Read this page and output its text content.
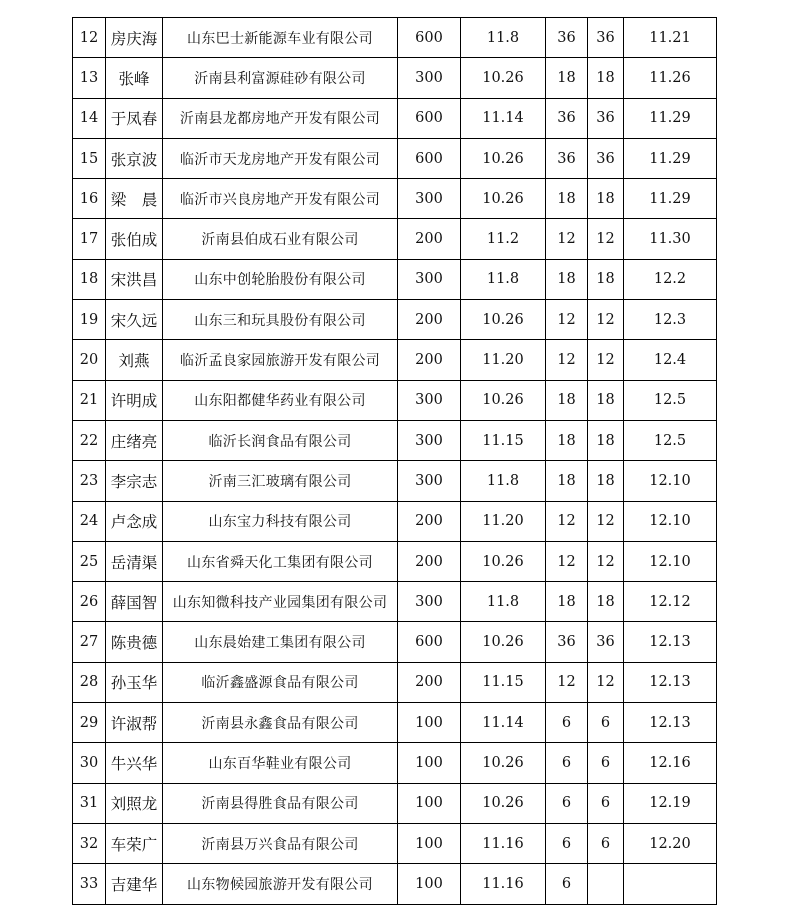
12	房庆海	山东巴士新能源车业有限公司	600	11.8	36	36	11.21
13	张峰	沂南县利富源硅砂有限公司	300	10.26	18	18	11.26
14	于凤春	沂南县龙都房地产开发有限公司	600	11.14	36	36	11.29
15	张京波	临沂市天龙房地产开发有限公司	600	10.26	36	36	11.29
16	梁　晨	临沂市兴良房地产开发有限公司	300	10.26	18	18	11.29
17	张伯成	沂南县伯成石业有限公司	200	11.2	12	12	11.30
18	宋洪昌	山东中创轮胎股份有限公司	300	11.8	18	18	12.2
19	宋久远	山东三和玩具股份有限公司	200	10.26	12	12	12.3
20	刘燕	临沂孟良家园旅游开发有限公司	200	11.20	12	12	12.4
21	许明成	山东阳都健华药业有限公司	300	10.26	18	18	12.5
22	庄绪亮	临沂长润食品有限公司	300	11.15	18	18	12.5
23	李宗志	沂南三汇玻璃有限公司	300	11.8	18	18	12.10
24	卢念成	山东宝力科技有限公司	200	11.20	12	12	12.10
25	岳清渠	山东省舜天化工集团有限公司	200	10.26	12	12	12.10
26	薛国智	山东知微科技产业园集团有限公司	300	11.8	18	18	12.12
27	陈贵德	山东晨始建工集团有限公司	600	10.26	36	36	12.13
28	孙玉华	临沂鑫盛源食品有限公司	200	11.15	12	12	12.13
29	许淑帮	沂南县永鑫食品有限公司	100	11.14	6	6	12.13
30	牛兴华	山东百华鞋业有限公司	100	10.26	6	6	12.16
31	刘照龙	沂南县得胜食品有限公司	100	10.26	6	6	12.19
32	车荣广	沂南县万兴食品有限公司	100	11.16	6	6	12.20
33	吉建华	山东物候园旅游开发有限公司	100	11.16	6		
